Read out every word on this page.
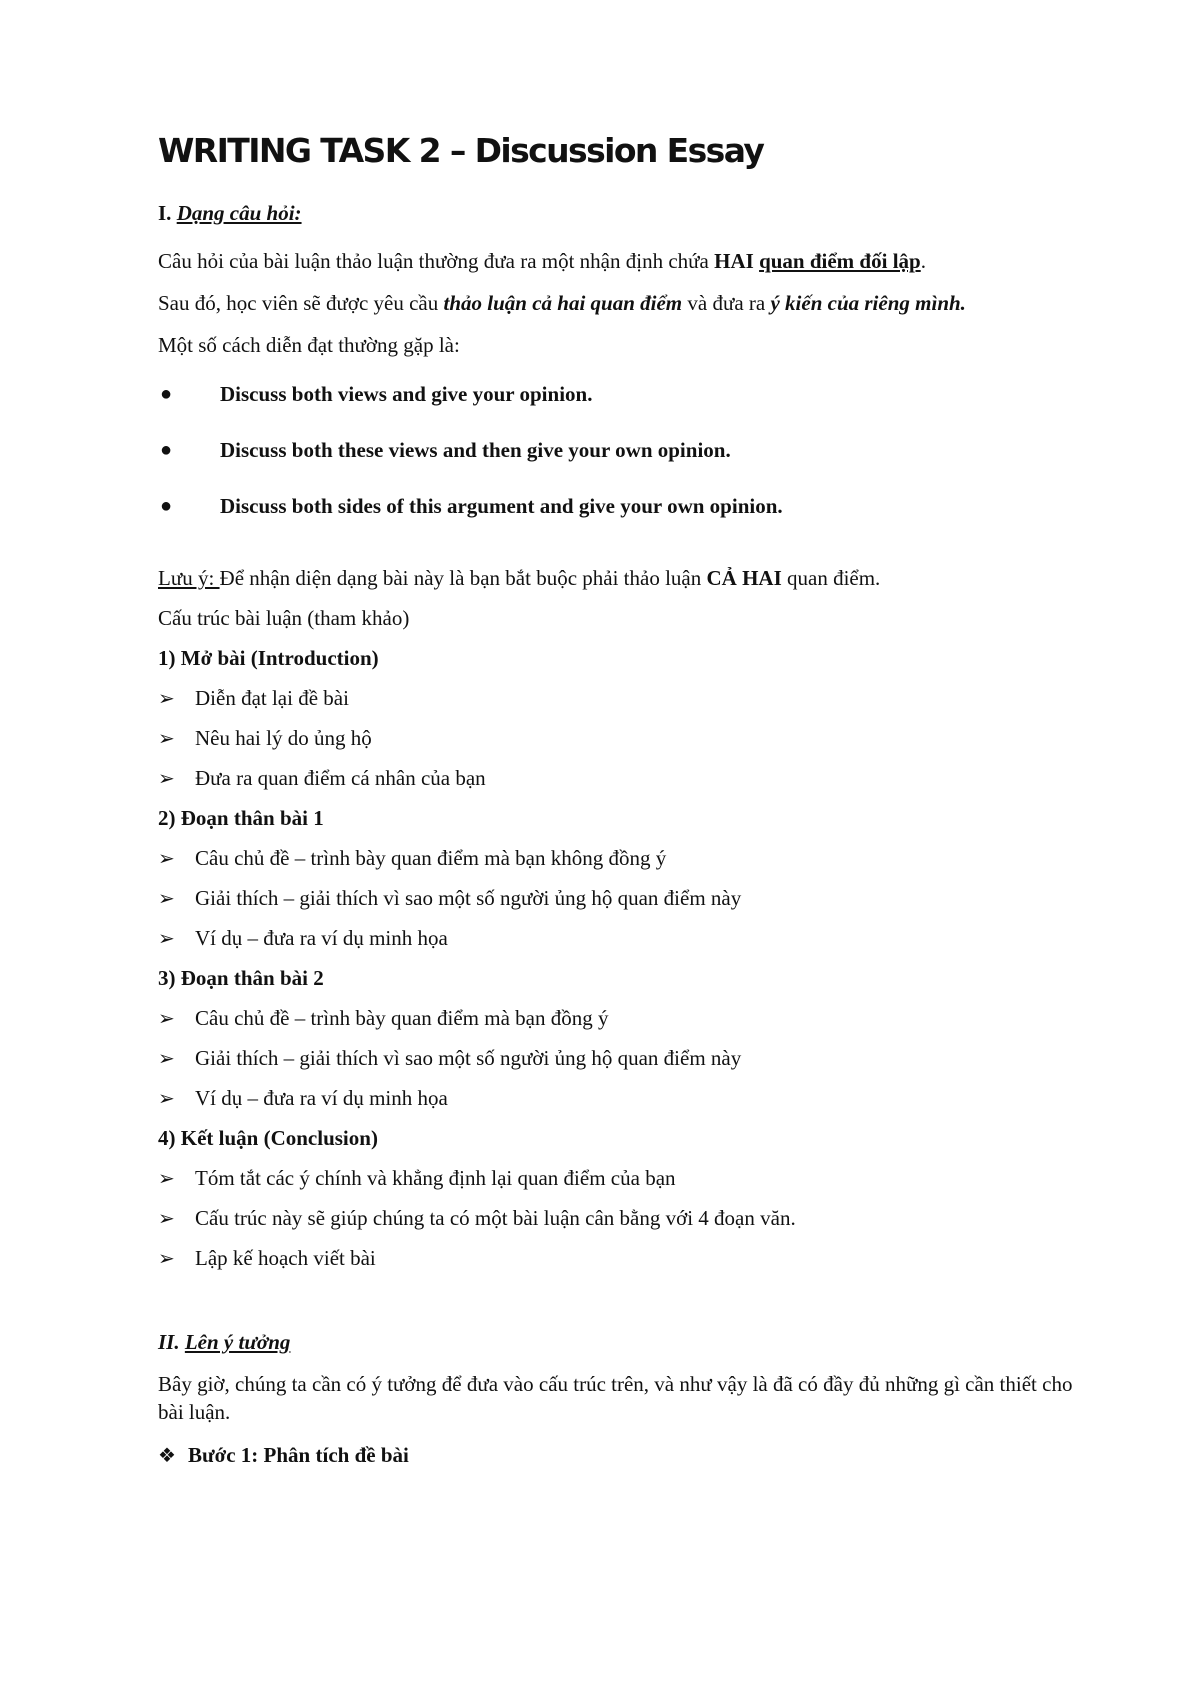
WRITING TASK 2 – Discussion Essay
I. Dạng câu hỏi:

Câu hỏi của bài luận thảo luận thường đưa ra một nhận định chứa HAI quan điểm đối lập.

Sau đó, học viên sẽ được yêu cầu thảo luận cả hai quan điểm và đưa ra ý kiến của riêng mình.

Một số cách diễn đạt thường gặp là:

● Discuss both views and give your opinion.
● Discuss both these views and then give your own opinion.
● Discuss both sides of this argument and give your own opinion.

Lưu ý: Để nhận diện dạng bài này là bạn bắt buộc phải thảo luận CẢ HAI quan điểm.

Cấu trúc bài luận (tham khảo)

1) Mở bài (Introduction)

➢ Diễn đạt lại đề bài

➢ Nêu hai lý do ủng hộ

➢ Đưa ra quan điểm cá nhân của bạn

2) Đoạn thân bài 1

➢ Câu chủ đề – trình bày quan điểm mà bạn không đồng ý

➢ Giải thích – giải thích vì sao một số người ủng hộ quan điểm này

➢ Ví dụ – đưa ra ví dụ minh họa

3) Đoạn thân bài 2

➢ Câu chủ đề – trình bày quan điểm mà bạn đồng ý

➢ Giải thích – giải thích vì sao một số người ủng hộ quan điểm này

➢ Ví dụ – đưa ra ví dụ minh họa

4) Kết luận (Conclusion)

➢ Tóm tắt các ý chính và khẳng định lại quan điểm của bạn

➢ Cấu trúc này sẽ giúp chúng ta có một bài luận cân bằng với 4 đoạn văn.

➢ Lập kế hoạch viết bài

II. Lên ý tưởng

Bây giờ, chúng ta cần có ý tưởng để đưa vào cấu trúc trên, và như vậy là đã có đầy đủ những gì cần thiết cho bài luận.

❖ Bước 1: Phân tích đề bài
